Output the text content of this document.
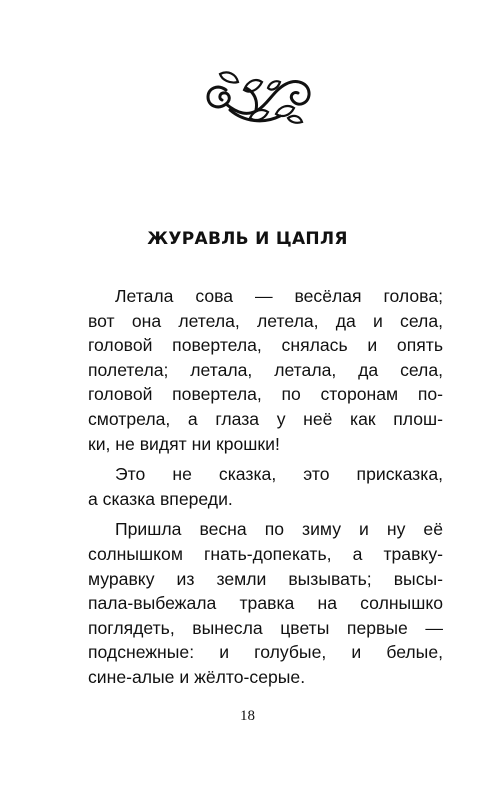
ЖУРАВЛЬ И ЦАПЛЯ
Летала сова — весёлая голова;
вот она летела, летела, да и села,
головой повертела, снялась и опять
полетела; летала, летала, да села,
головой повертела, по сторонам по-
смотрела, а глаза у неё как плош-
ки, не видят ни крошки!
Это не сказка, это присказка,
а сказка впереди.
Пришла весна по зиму и ну её
солнышком гнать-допекать, а травку-
муравку из земли вызывать; высы-
пала-выбежала травка на солнышко
поглядеть, вынесла цветы первые —
подснежные: и голубые, и белые,
сине-алые и жёлто-серые.
18
